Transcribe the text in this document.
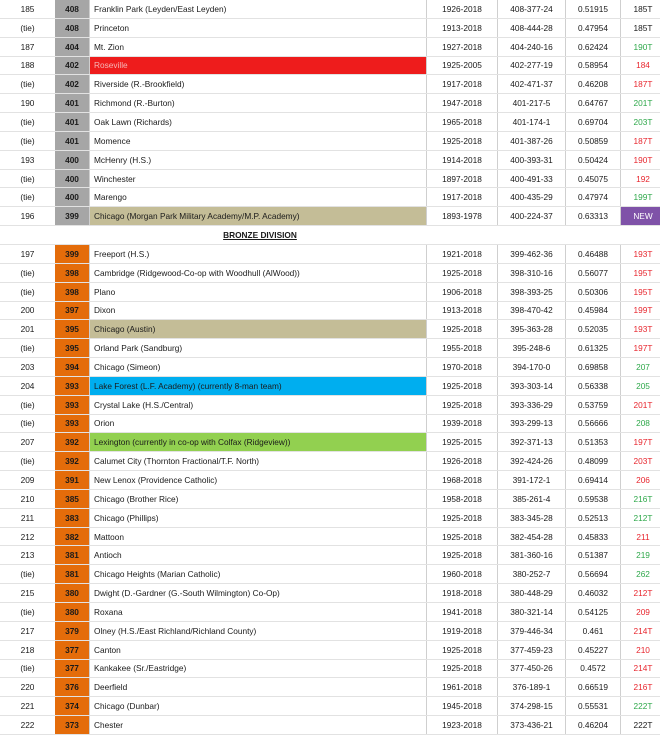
185	408	Franklin Park (Leyden/East Leyden)	1926-2018	408-377-24	0.51915	185T
(tie)	408	Princeton	1913-2018	408-444-28	0.47954	185T
187	404	Mt. Zion	1927-2018	404-240-16	0.62424	190T
188	402	Roseville	1925-2005	402-277-19	0.58954	184
(tie)	402	Riverside (R.-Brookfield)	1917-2018	402-471-37	0.46208	187T
190	401	Richmond (R.-Burton)	1947-2018	401-217-5	0.64767	201T
(tie)	401	Oak Lawn (Richards)	1965-2018	401-174-1	0.69704	203T
(tie)	401	Momence	1925-2018	401-387-26	0.50859	187T
193	400	McHenry (H.S.)	1914-2018	400-393-31	0.50424	190T
(tie)	400	Winchester	1897-2018	400-491-33	0.45075	192
(tie)	400	Marengo	1917-2018	400-435-29	0.47974	199T
196	399	Chicago (Morgan Park Military Academy/M.P. Academy)	1893-1978	400-224-37	0.63313	NEW
		BRONZE DIVISION				
197	399	Freeport (H.S.)	1921-2018	399-462-36	0.46488	193T
(tie)	398	Cambridge (Ridgewood-Co-op with Woodhull (AlWood))	1925-2018	398-310-16	0.56077	195T
(tie)	398	Plano	1906-2018	398-393-25	0.50306	195T
200	397	Dixon	1913-2018	398-470-42	0.45984	199T
201	395	Chicago (Austin)	1925-2018	395-363-28	0.52035	193T
(tie)	395	Orland Park (Sandburg)	1955-2018	395-248-6	0.61325	197T
203	394	Chicago (Simeon)	1970-2018	394-170-0	0.69858	207
204	393	Lake Forest (L.F. Academy) (currently 8-man team)	1925-2018	393-303-14	0.56338	205
(tie)	393	Crystal Lake (H.S./Central)	1925-2018	393-336-29	0.53759	201T
(tie)	393	Orion	1939-2018	393-299-13	0.56666	208
207	392	Lexington (currently in co-op with Colfax (Ridgeview))	1925-2015	392-371-13	0.51353	197T
(tie)	392	Calumet City (Thornton Fractional/T.F. North)	1926-2018	392-424-26	0.48099	203T
209	391	New Lenox (Providence Catholic)	1968-2018	391-172-1	0.69414	206
210	385	Chicago (Brother Rice)	1958-2018	385-261-4	0.59538	216T
211	383	Chicago (Phillips)	1925-2018	383-345-28	0.52513	212T
212	382	Mattoon	1925-2018	382-454-28	0.45833	211
213	381	Antioch	1925-2018	381-360-16	0.51387	219
(tie)	381	Chicago Heights (Marian Catholic)	1960-2018	380-252-7	0.56694	262
215	380	Dwight (D.-Gardner (G.-South Wilmington) Co-Op)	1918-2018	380-448-29	0.46032	212T
(tie)	380	Roxana	1941-2018	380-321-14	0.54125	209
217	379	Olney (H.S./East Richland/Richland County)	1919-2018	379-446-34	0.461	214T
218	377	Canton	1925-2018	377-459-23	0.45227	210
(tie)	377	Kankakee (Sr./Eastridge)	1925-2018	377-450-26	0.4572	214T
220	376	Deerfield	1961-2018	376-189-1	0.66519	216T
221	374	Chicago (Dunbar)	1945-2018	374-298-15	0.55531	222T
222	373	Chester	1923-2018	373-436-21	0.46204	222T
